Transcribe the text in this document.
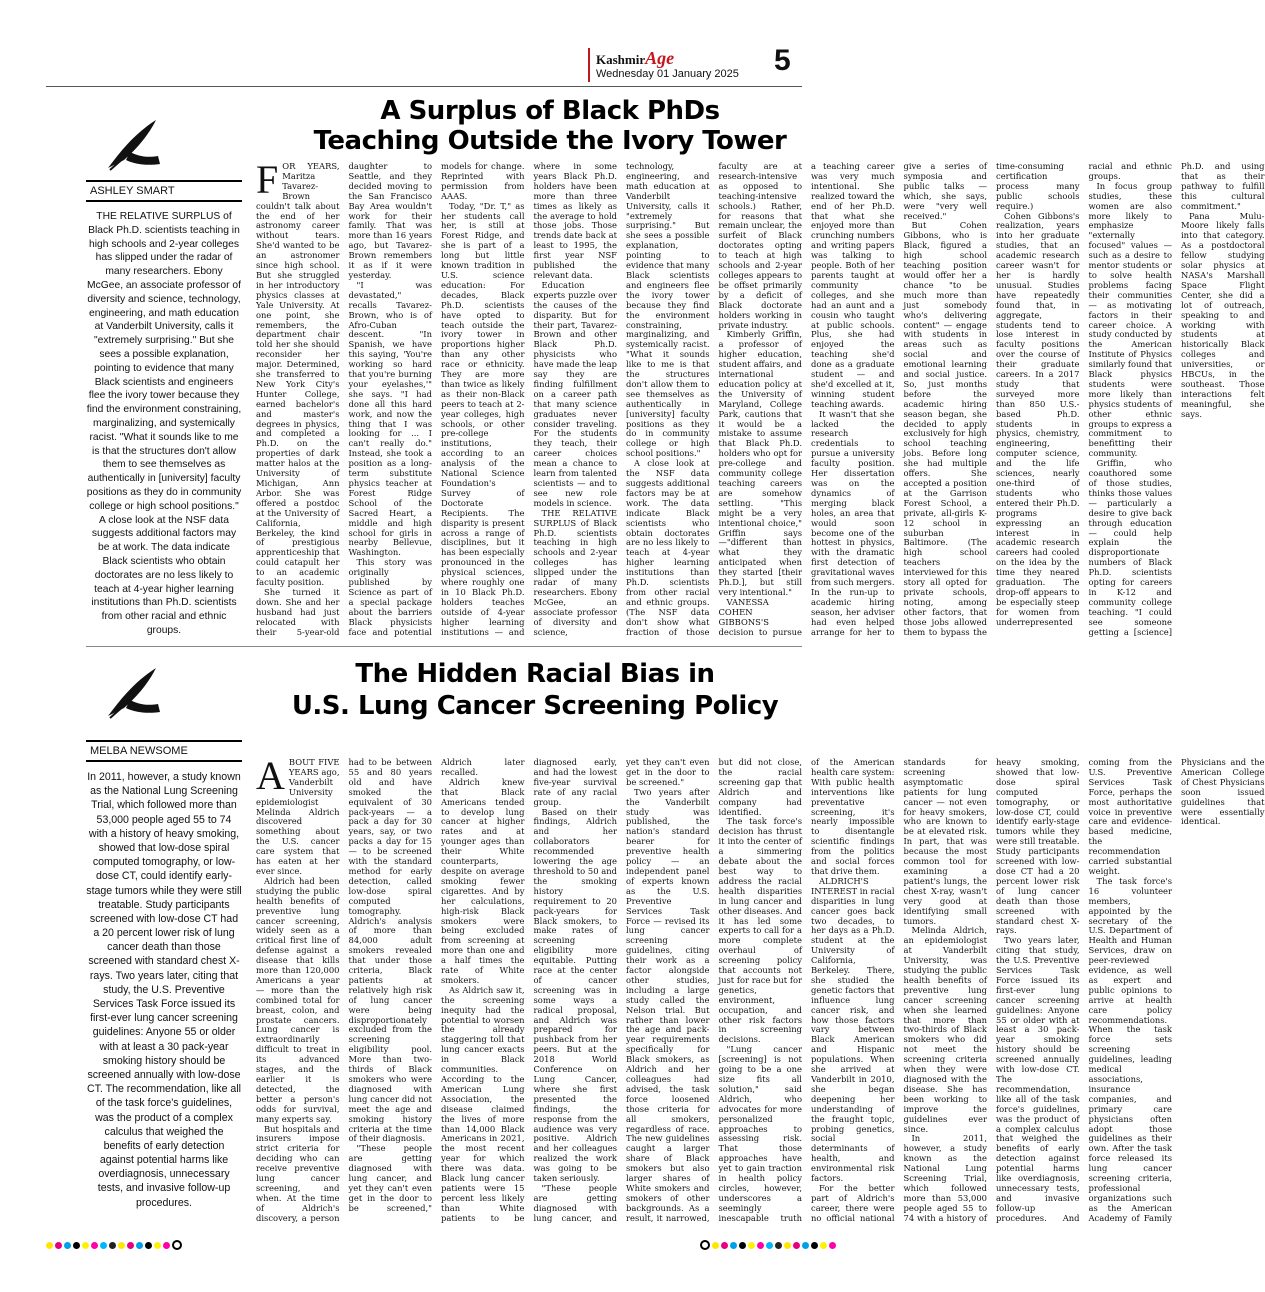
KashmirAge
Wednesday 01 January 2025 5
A Surplus of Black PhDs
Teaching Outside the Ivory Tower
ASHLEY SMART
THE RELATIVE SURPLUS of Black Ph.D. scientists teaching in high schools and 2-year colleges has slipped under the radar of many researchers. Ebony McGee, an associate professor of diversity and science, technology, engineering, and math education at Vanderbilt University, calls it "extremely surprising." But she sees a possible explanation, pointing to evidence that many Black scientists and engineers flee the ivory tower because they find the environment constraining, marginalizing, and systemically racist. "What it sounds like to me is that the structures don't allow them to see themselves as authentically in [university] faculty positions as they do in community college or high school positions." A close look at the NSF data suggests additional factors may be at work. The data indicate Black scientists who obtain doctorates are no less likely to teach at 4-year higher learning institutions than Ph.D. scientists from other racial and ethnic groups.

FOR YEARS, Maritza Tavarez-Brown couldn't talk about the end of her astronomy career without tears. She'd wanted to be an astronomer since high school. But she struggled in her introductory physics classes at Yale University. At one point, she remembers, the department chair told her she should reconsider her major. Determined, she transferred to New York City's Hunter College, earned bachelor's and master's degrees in physics, and completed a Ph.D. on the properties of dark matter halos at the University of Michigan, Ann Arbor. She was offered a postdoc at the University of California, Berkeley, the kind of prestigious apprenticeship that could catapult her to an academic faculty position.

She turned it down. She and her husband had just relocated with their 5-year-old daughter to Seattle, and they decided moving to the San Francisco Bay Area wouldn't work for their family. That was more than 16 years ago, but Tavarez-Brown remembers it as if it were yesterday.

"I was devastated," recalls Tavarez-Brown, who is of Afro-Cuban descent. "In Spanish, we have this saying, 'You're working so hard that you're burning your eyelashes,'" she says. "I had done all this hard work, and now the thing that I was looking for ... I can't really do." Instead, she took a position as a long-term substitute physics teacher at Forest Ridge School of the Sacred Heart, a middle and high school for girls in nearby Bellevue, Washington.

This story was originally published by Science as part of a special package about the barriers Black physicists face and potential models for change. Reprinted with permission from AAAS.

Today, "Dr. T," as her students call her, is still at Forest Ridge, and she is part of a long but little known tradition in U.S. science education: For decades, Black Ph.D. scientists have opted to teach outside the ivory tower in proportions higher than any other race or ethnicity. They are more than twice as likely as their non-Black peers to teach at 2-year colleges, high schools, or other pre-college institutions, according to an analysis of the National Science Foundation's Survey of Doctorate Recipients. The disparity is present across a range of disciplines, but it has been especially pronounced in the physical sciences, where roughly one in 10 Black Ph.D. holders teaches outside of 4-year higher learning institutions — and where in some years Black Ph.D. holders have been more than three times as likely as the average to hold those jobs. Those trends date back at least to 1995, the first year NSF published the relevant data.

Education experts puzzle over the causes of the disparity. But for their part, Tavarez-Brown and other Black Ph.D. physicists who have made the leap say they are finding fulfillment on a career path that many science graduates never consider traveling. For the students they teach, their career choices mean a chance to learn from talented scientists — and to see new role models in science.

THE RELATIVE SURPLUS of Black Ph.D. scientists teaching in high schools and 2-year colleges has slipped under the radar of many researchers. Ebony McGee, an associate professor of diversity and science, technology, engineering, and math education at Vanderbilt University, calls it "extremely surprising." But she sees a possible explanation, pointing to evidence that many Black scientists and engineers flee the ivory tower because they find the environment constraining, marginalizing, and systemically racist. "What it sounds like to me is that the structures don't allow them to see themselves as authentically in [university] faculty positions as they do in community college or high school positions."

A close look at the NSF data suggests additional factors may be at work. The data indicate Black scientists who obtain doctorates are no less likely to teach at 4-year higher learning institutions than Ph.D. scientists from other racial and ethnic groups. (The NSF data don't show what fraction of those faculty are at research-intensive as opposed to teaching-intensive schools.) Rather, for reasons that remain unclear, the surfeit of Black doctorates opting to teach at high schools and 2-year colleges appears to be offset primarily by a deficit of Black doctorate holders working in private industry.

Kimberly Griffin, a professor of higher education, student affairs, and international education policy at the University of Maryland, College Park, cautions that it would be a mistake to assume that Black Ph.D. holders who opt for pre-college and community college teaching careers are somehow settling. "This might be a very intentional choice," Griffin says—"different than what they anticipated when they started [their Ph.D.], but still very intentional."

VANESSA COHEN GIBBONS'S decision to pursue a teaching career was very much intentional. She realized toward the end of her Ph.D. that what she enjoyed more than crunching numbers and writing papers was talking to people. Both of her parents taught at community colleges, and she had an aunt and a cousin who taught at public schools. Plus, she had enjoyed the teaching she'd done as a graduate student — and she'd excelled at it, winning student teaching awards.

It wasn't that she lacked the research credentials to pursue a university faculty position. Her dissertation was on the dynamics of merging black holes, an area that would soon become one of the hottest in physics, with the dramatic first detection of gravitational waves from such mergers. In the run-up to academic hiring season, her adviser had even helped arrange for her to give a series of symposia and public talks — which, she says, were "very well received."

But Cohen Gibbons, who is Black, figured a high school teaching position would offer her a chance "to be much more than just somebody who's delivering content" — engage with students in areas such as social and emotional learning and social justice. So, just months before the academic hiring season began, she decided to apply exclusively for high school teaching jobs. Before long she had multiple offers. She accepted a position at the Garrison Forest School, a private, all-girls K-12 school in suburban Baltimore. (The high school teachers interviewed for this story all opted for private schools, noting, among other factors, that those jobs allowed them to bypass the time-consuming certification process many public schools require.)

Cohen Gibbons's realization, years into her graduate studies, that an academic research career wasn't for her is hardly unusual. Studies have repeatedly found that, in aggregate, students tend to lose interest in faculty positions over the course of their graduate careers. In a 2017 study that surveyed more than 850 U.S.-based Ph.D. students in physics, chemistry, engineering, computer science, and the life sciences, nearly one-third of students who entered their Ph.D. programs expressing an interest in academic research careers had cooled on the idea by the time they neared graduation. The drop-off appears to be especially steep for women from underrepresented racial and ethnic groups.

In focus group studies, these women are also more likely to emphasize "externally focused" values — such as a desire to mentor students or to solve health problems facing their communities — as motivating factors in their career choice. A study conducted by the American Institute of Physics similarly found that Black physics students were more likely than physics students of other ethnic groups to express a commitment to benefitting their community.

Griffin, who coauthored some of those studies, thinks those values — particularly a desire to give back through education — could help explain the disproportionate numbers of Black Ph.D. scientists opting for careers in K-12 and community college teaching. "I could see someone getting a [science] Ph.D. and using that as their pathway to fulfill this cultural commitment."

Pana Mulu-Moore likely falls into that category. As a postdoctoral fellow studying solar physics at NASA's Marshall Space Flight Center, she did a lot of outreach, speaking to and working with students at historically Black colleges and universities, or HBCUs, in the southeast. Those interactions felt meaningful, she says.

The Hidden Racial Bias in
U.S. Lung Cancer Screening Policy
MELBA NEWSOME
In 2011, however, a study known as the National Lung Screening Trial, which followed more than 53,000 people aged 55 to 74 with a history of heavy smoking, showed that low-dose spiral computed tomography, or low-dose CT, could identify early-stage tumors while they were still treatable. Study participants screened with low-dose CT had a 20 percent lower risk of lung cancer death than those screened with standard chest X-rays. Two years later, citing that study, the U.S. Preventive Services Task Force issued its first-ever lung cancer screening guidelines: Anyone 55 or older with at least a 30 pack-year smoking history should be screened annually with low-dose CT. The recommendation, like all of the task force's guidelines, was the product of a complex calculus that weighed the benefits of early detection against potential harms like overdiagnosis, unnecessary tests, and invasive follow-up procedures.

ABOUT FIVE YEARS ago, Vanderbilt University epidemiologist Melinda Aldrich discovered something about the U.S. cancer care system that has eaten at her ever since.

Aldrich had been studying the public health benefits of preventive lung cancer screening, widely seen as a critical first line of defense against a disease that kills more than 120,000 Americans a year — more than the combined total for breast, colon, and prostate cancers. Lung cancer is extraordinarily difficult to treat in its advanced stages, and the earlier it is detected, the better a person's odds for survival, many experts say.

But hospitals and insurers impose strict criteria for deciding who can receive preventive lung cancer screening, and when. At the time of Aldrich's discovery, a person had to be between 55 and 80 years old and have smoked the equivalent of 30 pack-years — a pack a day for 30 years, say, or two packs a day for 15 — to be screened with the standard method for early detection, called low-dose spiral computed tomography. Aldrich's analysis of more than 84,000 adult smokers revealed that under those criteria, Black patients at relatively high risk of lung cancer were being disproportionately excluded from the screening eligibility pool. More than two-thirds of Black smokers who were diagnosed with lung cancer did not meet the age and smoking history criteria at the time of their diagnosis.

"These people are getting diagnosed with lung cancer, and yet they can't even get in the door to be screened," Aldrich later recalled.

Aldrich knew that Black Americans tended to develop lung cancer at higher rates and at younger ages than their White counterparts, despite on average smoking fewer cigarettes. And by her calculations, high-risk Black smokers were being excluded from screening at more than one and a half times the rate of White smokers.

As Aldrich saw it, the screening inequity had the potential to worsen the already staggering toll that lung cancer exacts in Black communities. According to the American Lung Association, the disease claimed the lives of more than 14,000 Black Americans in 2021, the most recent year for which there was data. Black lung cancer patients were 15 percent less likely than White patients to be diagnosed early, and had the lowest five-year survival rate of any racial group.

Based on their findings, Aldrich and her collaborators recommended lowering the age threshold to 50 and the smoking history requirement to 20 pack-years for Black smokers, to make rates of screening eligibility more equitable. Putting race at the center of cancer screening was in some ways a radical proposal, and Aldrich was prepared for pushback from her peers. But at the 2018 World Conference on Lung Cancer, where she first presented the findings, the response from the audience was very positive. Aldrich and her colleagues realized the work was going to be taken seriously.

"These people are getting diagnosed with lung cancer, and yet they can't even get in the door to be screened."

Two years after the Vanderbilt study was published, the nation's standard bearer for preventive health policy — an independent panel of experts known as the U.S. Preventive Services Task Force — revised its lung cancer screening guidelines, citing their work as a factor alongside other studies, including a large study called the Nelson trial. But rather than lower the age and pack-year requirements specifically for Black smokers, as Aldrich and her colleagues had advised, the task force loosened those criteria for all smokers, regardless of race. The new guidelines caught a larger share of Black smokers but also larger shares of White smokers and smokers of other backgrounds. As a result, it narrowed, but did not close, the racial screening gap that Aldrich and company had identified.

The task force's decision has thrust it into the center of a simmering debate about the best way to address the racial health disparities in lung cancer and other diseases. And it has led some experts to call for a more complete overhaul of screening policy that accounts not just for race but for genetics, environment, occupation, and other risk factors in screening decisions.

"Lung cancer [screening] is not going to be a one size fits all solution," said Aldrich, who advocates for more personalized approaches to assessing risk. That those approaches have yet to gain traction in health policy circles, however, underscores a seemingly inescapable truth of the American health care system: With public health interventions like preventative screening, it's nearly impossible to disentangle scientific findings from the politics and social forces that drive them.

ALDRICH'S INTEREST in racial disparities in lung cancer goes back two decades, to her days as a Ph.D. student at the University of California, Berkeley. There, she studied the genetic factors that influence lung cancer risk, and how those factors vary between Black American and Hispanic populations. When she arrived at Vanderbilt in 2010, she began deepening her understanding of the fraught topic, probing genetics, social determinants of health, and environmental risk factors.

For the better part of Aldrich's career, there were no official national standards for screening asymptomatic patients for lung cancer — not even for heavy smokers, who are known to be at elevated risk. In part, that was because the most common tool for examining a patient's lungs, the chest X-ray, wasn't very good at identifying small tumors.

Melinda Aldrich, an epidemiologist at Vanderbilt University, was studying the public health benefits of preventive lung cancer screening when she learned that more than two-thirds of Black smokers who did not meet the screening criteria when they were diagnosed with the disease. She has been working to improve the guidelines ever since.

In 2011, however, a study known as the National Lung Screening Trial, which followed more than 53,000 people aged 55 to 74 with a history of heavy smoking, showed that low-dose spiral computed tomography, or low-dose CT, could identify early-stage tumors while they were still treatable. Study participants screened with low-dose CT had a 20 percent lower risk of lung cancer death than those screened with standard chest X-rays.

Two years later, citing that study, the U.S. Preventive Services Task Force issued its first-ever lung cancer screening guidelines: Anyone 55 or older with at least a 30 pack-year smoking history should be screened annually with low-dose CT. The recommendation, like all of the task force's guidelines, was the product of a complex calculus that weighed the benefits of early detection against potential harms like overdiagnosis, unnecessary tests, and invasive follow-up procedures. And coming from the U.S. Preventive Services Task Force, perhaps the most authoritative voice in preventive care and evidence-based medicine, the recommendation carried substantial weight.

The task force's 16 volunteer members, appointed by the secretary of the U.S. Department of Health and Human Services, draw on peer-reviewed evidence, as well as expert and public opinions to arrive at health care policy recommendations. When the task force sets screening guidelines, leading medical associations, insurance companies, and primary care physicians often adopt those guidelines as their own. After the task force released its lung cancer screening criteria, professional organizations such as the American Academy of Family Physicians and the American College of Chest Physicians soon issued guidelines that were essentially identical.
